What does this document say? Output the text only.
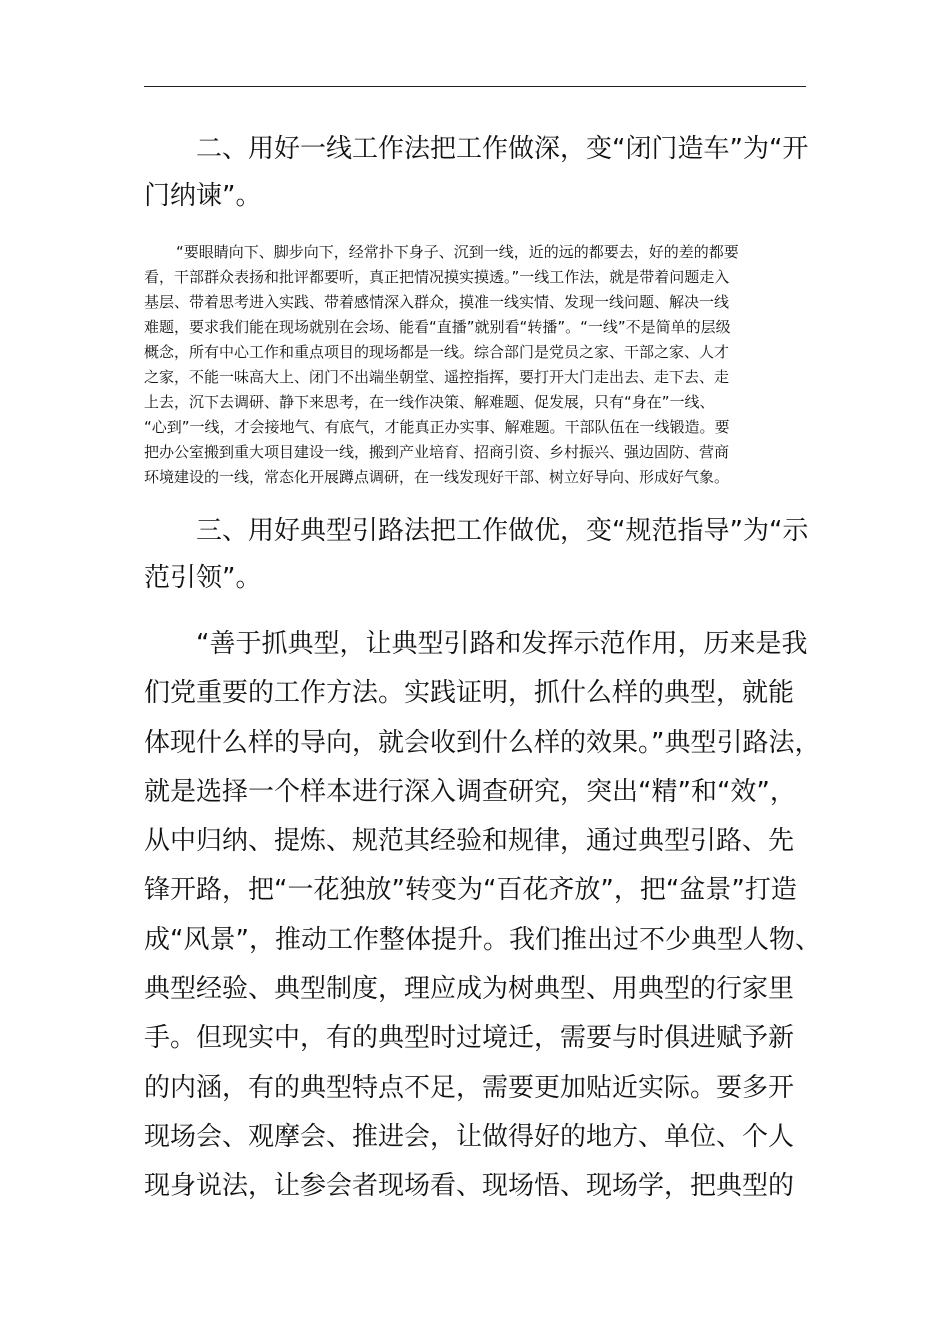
二、用好一线工作法把工作做深，变“闭门造车”为“开
门纳谏”。
“要眼睛向下、脚步向下，经常扑下身子、沉到一线，近的远的都要去，好的差的都要
看，干部群众表扬和批评都要听，真正把情况摸实摸透。”一线工作法，就是带着问题走入
基层、带着思考进入实践、带着感情深入群众，摸准一线实情、发现一线问题、解决一线
难题，要求我们能在现场就别在会场、能看“直播”就别看“转播”。“一线”不是简单的层级
概念，所有中心工作和重点项目的现场都是一线。综合部门是党员之家、干部之家、人才
之家，不能一味高大上、闭门不出端坐朝堂、遥控指挥，要打开大门走出去、走下去、走
上去，沉下去调研、静下来思考，在一线作决策、解难题、促发展，只有“身在”一线、
“心到”一线，才会接地气、有底气，才能真正办实事、解难题。干部队伍在一线锻造。要
把办公室搬到重大项目建设一线，搬到产业培育、招商引资、乡村振兴、强边固防、营商
环境建设的一线，常态化开展蹲点调研，在一线发现好干部、树立好导向、形成好气象。
三、用好典型引路法把工作做优，变“规范指导”为“示
范引领”。
“善于抓典型，让典型引路和发挥示范作用，历来是我
们党重要的工作方法。实践证明，抓什么样的典型，就能
体现什么样的导向，就会收到什么样的效果。”典型引路法，
就是选择一个样本进行深入调查研究，突出“精”和“效”，
从中归纳、提炼、规范其经验和规律，通过典型引路、先
锋开路，把“一花独放”转变为“百花齐放”，把“盆景”打造
成“风景”，推动工作整体提升。我们推出过不少典型人物、
典型经验、典型制度，理应成为树典型、用典型的行家里
手。但现实中，有的典型时过境迁，需要与时俱进赋予新
的内涵，有的典型特点不足，需要更加贴近实际。要多开
现场会、观摩会、推进会，让做得好的地方、单位、个人
现身说法，让参会者现场看、现场悟、现场学，把典型的
